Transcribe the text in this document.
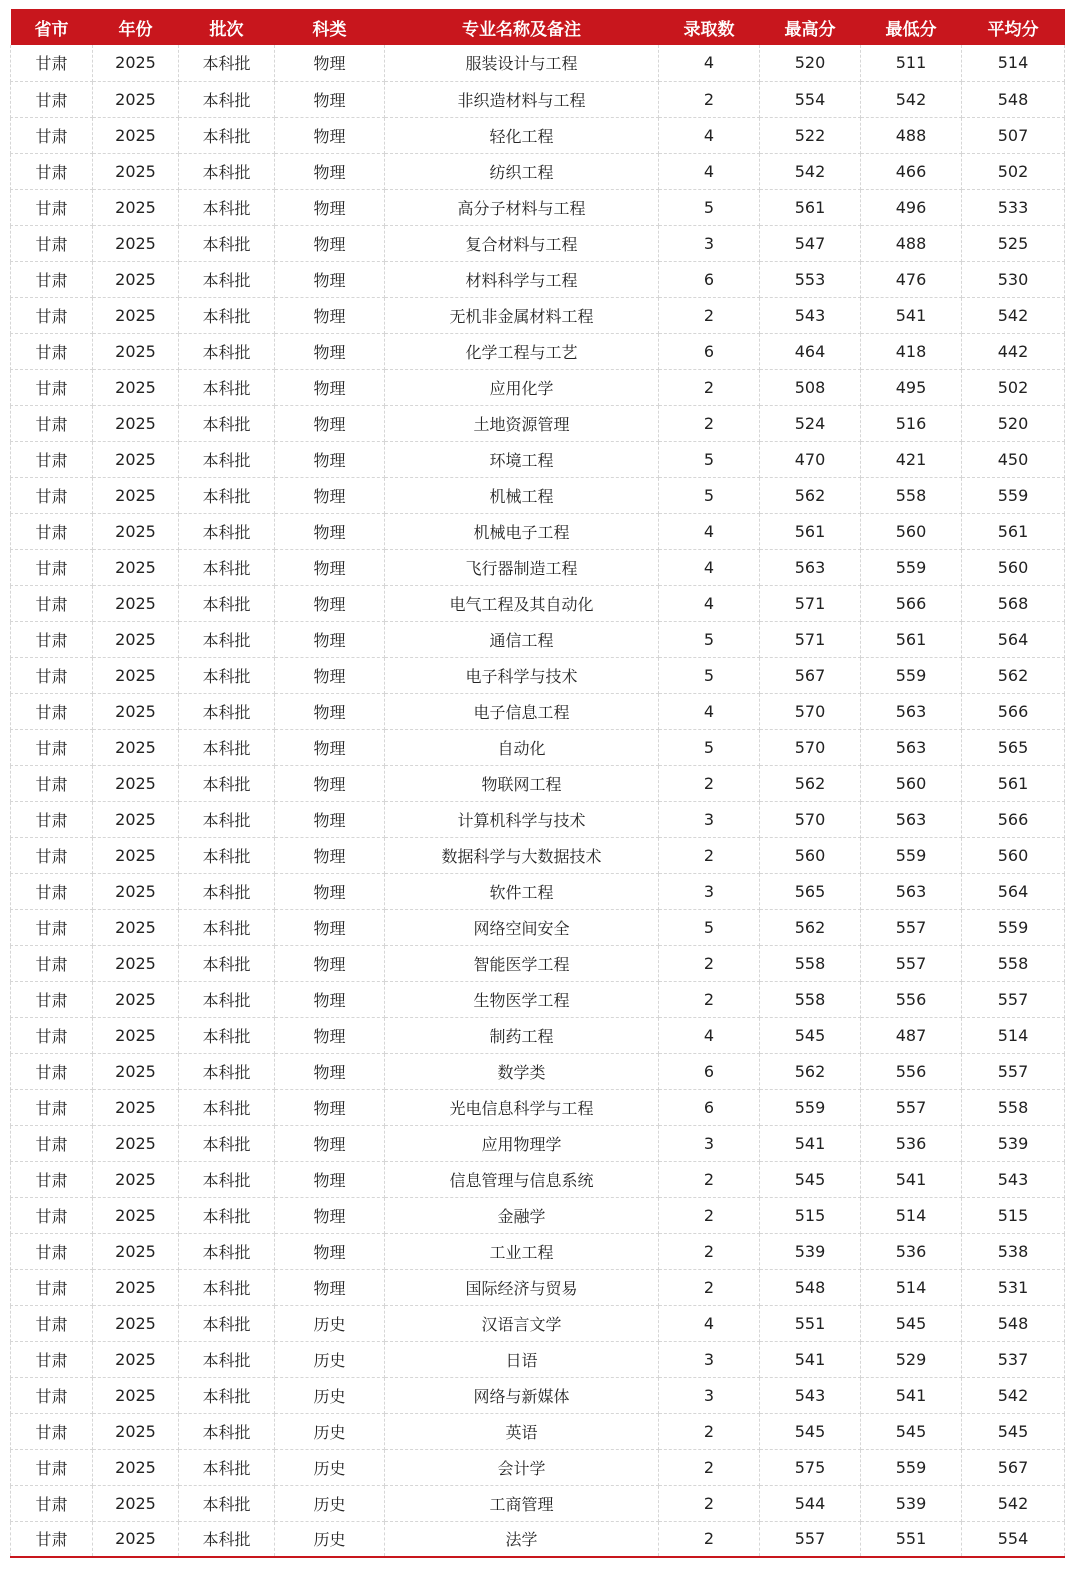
省市	年份	批次	科类	专业名称及备注	录取数	最高分	最低分	平均分
甘肃	2025	本科批	物理	服装设计与工程	4	520	511	514
甘肃	2025	本科批	物理	非织造材料与工程	2	554	542	548
甘肃	2025	本科批	物理	轻化工程	4	522	488	507
甘肃	2025	本科批	物理	纺织工程	4	542	466	502
甘肃	2025	本科批	物理	高分子材料与工程	5	561	496	533
甘肃	2025	本科批	物理	复合材料与工程	3	547	488	525
甘肃	2025	本科批	物理	材料科学与工程	6	553	476	530
甘肃	2025	本科批	物理	无机非金属材料工程	2	543	541	542
甘肃	2025	本科批	物理	化学工程与工艺	6	464	418	442
甘肃	2025	本科批	物理	应用化学	2	508	495	502
甘肃	2025	本科批	物理	土地资源管理	2	524	516	520
甘肃	2025	本科批	物理	环境工程	5	470	421	450
甘肃	2025	本科批	物理	机械工程	5	562	558	559
甘肃	2025	本科批	物理	机械电子工程	4	561	560	561
甘肃	2025	本科批	物理	飞行器制造工程	4	563	559	560
甘肃	2025	本科批	物理	电气工程及其自动化	4	571	566	568
甘肃	2025	本科批	物理	通信工程	5	571	561	564
甘肃	2025	本科批	物理	电子科学与技术	5	567	559	562
甘肃	2025	本科批	物理	电子信息工程	4	570	563	566
甘肃	2025	本科批	物理	自动化	5	570	563	565
甘肃	2025	本科批	物理	物联网工程	2	562	560	561
甘肃	2025	本科批	物理	计算机科学与技术	3	570	563	566
甘肃	2025	本科批	物理	数据科学与大数据技术	2	560	559	560
甘肃	2025	本科批	物理	软件工程	3	565	563	564
甘肃	2025	本科批	物理	网络空间安全	5	562	557	559
甘肃	2025	本科批	物理	智能医学工程	2	558	557	558
甘肃	2025	本科批	物理	生物医学工程	2	558	556	557
甘肃	2025	本科批	物理	制药工程	4	545	487	514
甘肃	2025	本科批	物理	数学类	6	562	556	557
甘肃	2025	本科批	物理	光电信息科学与工程	6	559	557	558
甘肃	2025	本科批	物理	应用物理学	3	541	536	539
甘肃	2025	本科批	物理	信息管理与信息系统	2	545	541	543
甘肃	2025	本科批	物理	金融学	2	515	514	515
甘肃	2025	本科批	物理	工业工程	2	539	536	538
甘肃	2025	本科批	物理	国际经济与贸易	2	548	514	531
甘肃	2025	本科批	历史	汉语言文学	4	551	545	548
甘肃	2025	本科批	历史	日语	3	541	529	537
甘肃	2025	本科批	历史	网络与新媒体	3	543	541	542
甘肃	2025	本科批	历史	英语	2	545	545	545
甘肃	2025	本科批	历史	会计学	2	575	559	567
甘肃	2025	本科批	历史	工商管理	2	544	539	542
甘肃	2025	本科批	历史	法学	2	557	551	554
